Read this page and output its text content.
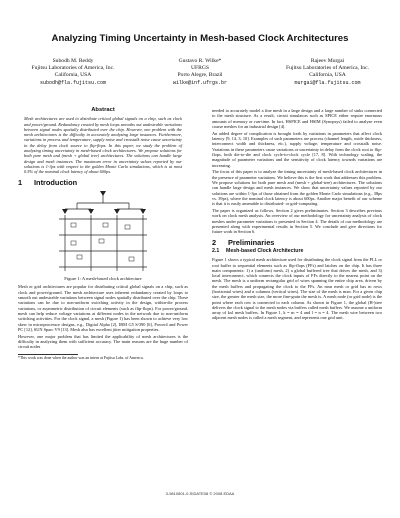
Analyzing Timing Uncertainty in Mesh-based Clock Architectures
Subodh M. Reddy
Fujitsu Laboratories of America, Inc.
California, USA
subodh@fla.fujitsu.com
Gustavo R. Wilke*
UFRGS
Porto Alegre, Brazil
wilke@inf.ufrgs.br
Rajeev Murgai
Fujitsu Laboratories of America, Inc.
California, USA
murgai@fla.fujitsu.com
Abstract
Mesh architectures are used to distribute critical global signals on a chip, such as clock and power/ground. Redundancy created by mesh loops smooths out undesirable variations between signal nodes spatially distributed over the chip. However, one problem with the mesh architectures is the difficulty in accurately analyzing large instances. Furthermore, variations in process and temperature, supply noise and crosstalk noise cause uncertainty in the delay from clock source to flip-flops. In this paper, we study the problem of analyzing timing uncertainty in mesh-based clock architectures. We propose solutions for both pure mesh and (mesh + global tree) architectures. The solutions can handle large design and mesh instances. The maximum error in uncertainty values reported by our solutions is 1-3ps with respect to the golden Monte Carlo simulations, which is at most 0.5% of the nominal clock latency of about 600ps.
1 Introduction
Figure 1: A mesh-based clock architecture

Mesh or grid architectures are popular for distributing critical global signals on a chip, such as clock and power/ground. The mesh architecture uses inherent redundancy created by loops to smooth out undesirable variations between signal nodes spatially distributed over the chip. These variations can be due to non-uniform switching activity in the design, within-die process variations, or asymmetric distribution of circuit elements (such as flip-flops). For power/ground, mesh can help reduce voltage variations at different nodes in the network due to non-uniform switching activities. For the clock signal, a mesh (Figure 1) has been shown to achieve very low skew in microprocessor designs, e.g., Digital Alpha [2], IBM G5 S/390 [6], Power4 and Power PC [12], SUN Sparc V9 [13]. Mesh also has excellent jitter mitigation properties.

However, one major problem that has limited the applicability of mesh architectures is the difficulty in analyzing them with sufficient accuracy. The main reasons are the huge number of circuit nodes

*This work was done when the author was an intern at Fujitsu Labs. of America.

needed to accurately model a fine mesh in a large design and a large number of sinks connected to the mesh structure. As a result, circuit simulators such as SPICE either require enormous amounts of memory or run-time. In fact, HSPICE and HSIM (Synopsys) failed to analyze even coarse meshes for an industrial design [4].

An added degree of complication is brought forth by variations in parameters that affect clock latency [9, 14, 3, 10]. Examples of such parameters are process (channel length, oxide thickness, interconnect width and thickness, etc.), supply voltage, temperature and crosstalk noise. Variations in these parameters cause variations or uncertainty in delay from the clock root to flip-flops, both die-to-die and clock cycle-to-clock cycle [17, 8]. With technology scaling, the magnitude of parameter variations and the sensitivity of clock latency towards variations are increasing.

The focus of this paper is to analyze the timing uncertainty of mesh-based clock architectures in the presence of parameter variations. We believe this is the first work that addresses this problem. We propose solutions for both pure mesh and (mesh + global-tree) architectures. The solutions can handle large design and mesh instances. We show that uncertainty values reported by our solutions are within 1-3ps of those obtained from the golden Monte Carlo simulations (e.g., 38ps vs. 39ps), where the nominal clock latency is about 600ps. Another major benefit of our scheme is that it is easily amenable to distributed- or grid-computing.

The paper is organized as follows. Section 2 gives preliminaries. Section 3 describes previous work on clock mesh analysis. An overview of our methodology for uncertainty analysis of clock meshes under parameter variations is presented in Section 4. The details of our methodology are presented along with experimental results in Section 5. We conclude and give directions for future work in Section 6.

2 Preliminaries
2.1 Mesh-based Clock Architecture

Figure 1 shows a typical mesh architecture used for distributing the clock signal from the PLL or root buffer to sequential elements such as flip-flops (FFs) and latches on the chip. It has three main components: 1) a (uniform) mesh, 2) a global buffered tree that drives the mesh, and 3) local interconnect, which connects the clock inputs of FFs directly to the nearest point on the mesh. The mesh is a uniform rectangular grid of wires spanning the entire chip area, driven by the mesh buffers and propagating the clock to the FFs. An mxn mesh or grid has m rows (horizontal wires) and n columns (vertical wires). The size of the mesh is mxn. For a given chip size, the greater the mesh size, the more fine-grain the mesh is. A mesh node (or grid node) is the point where each row is connected to each column. As shown in Figure 1, the global (H-)tree delivers the clock signal to the mesh nodes via buffers called mesh buffers. We assume a uniform array of kxl mesh buffers. In Figure 1, k = m = 4 and l = n = 4. The mesh wire between two adjacent mesh nodes is called a mesh segment, and represents one grid unit.

3-9810801-0-SIDATE08 © 2008 EDAA
